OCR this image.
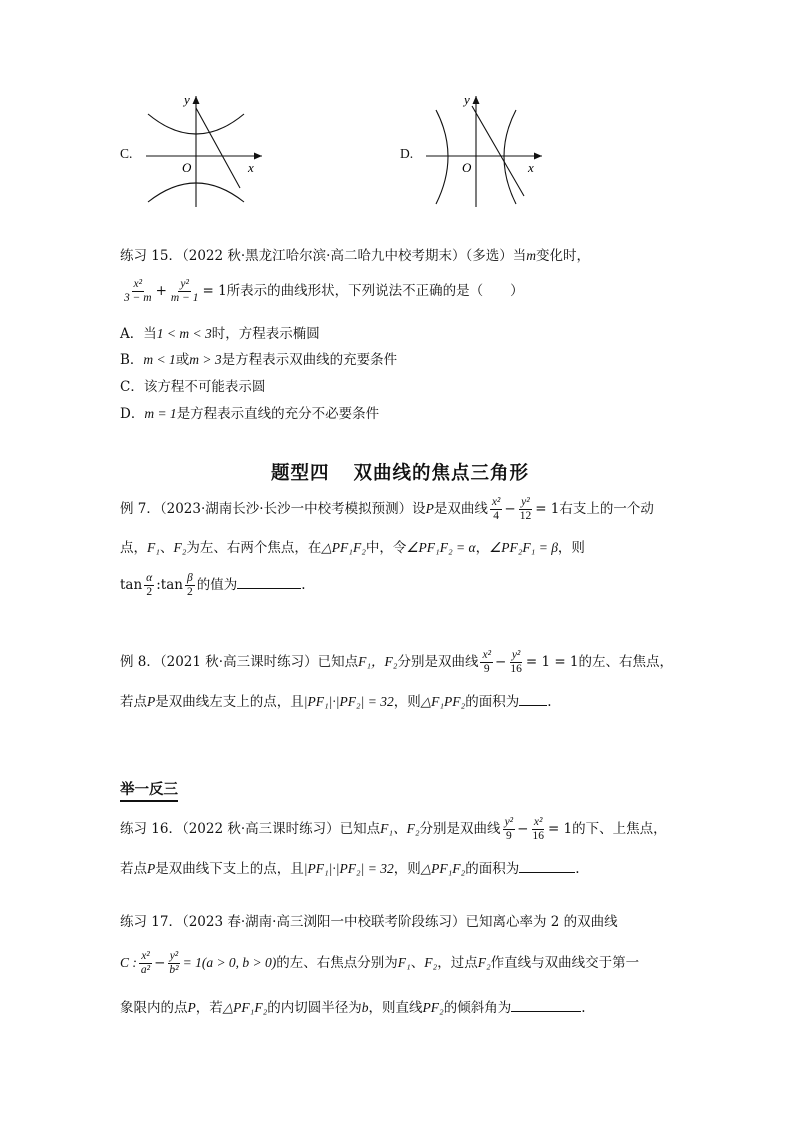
C.
y
x
O
D.
y
x
O
练习 15．（2022 秋·黑龙江哈尔滨·高二哈九中校考期末）（多选）当m变化时，
$\frac{\text{x²}}{3 - m} + \frac{\text{y²}}{m - 1} = 1$所表示的曲线形状，下列说法不正确的是（　　）
A．当1 < m < 3时，方程表示椭圆
B．m < 1或m > 3是方程表示双曲线的充要条件
C．该方程不可能表示圆
D．m = 1是方程表示直线的充分不必要条件
题型四 双曲线的焦点三角形
例 7．（2023·湖南长沙·长沙一中校考模拟预测）设P是双曲线 $\frac{\text{x²}}{4} - \frac{\text{y²}}{12} = 1$右支上的一个动
点，F₁、F₂为左、右两个焦点，在△PF₁F₂中，令∠PF₁F₂ = α，∠PF₂F₁ = β，则
$\tan \frac{\alpha}{2}$ :tan $\frac{\beta}{2}$ 的值为	.
例 8．（2021 秋·高三课时练习）已知点F₁，F₂分别是双曲线 $\frac{\text{x²}}{9} - \frac{\text{y²}}{16} = 1 = 1$的左、右焦点，
若点P是双曲线左支上的点，且|PF₁|·|PF₂| = 32，则△F₁PF₂的面积为 .
举一反三
练习 16．（2022 秋·高三课时练习）已知点F₁、F₂分别是双曲线 $\frac{\text{y²}}{9} - \frac{\text{x²}}{16} = 1$的下、上焦点，
若点P是双曲线下支上的点，且|PF₁|·|PF₂| = 32，则△PF₁F₂的面积为	.
练习 17．（2023 春·湖南·高三浏阳一中校联考阶段练习）已知离心率为 2 的双曲线
C : $\frac{\text{x²}}{\text{a²}} - \frac{\text{y²}}{\text{b²}} = 1(a > 0$, b > 0)的左、右焦点分别为F₁、F₂，过点F₂作直线与双曲线交于第一
象限内的点P，若△PF₁F₂的内切圆半径为b，则直线PF₂的倾斜角为	.
